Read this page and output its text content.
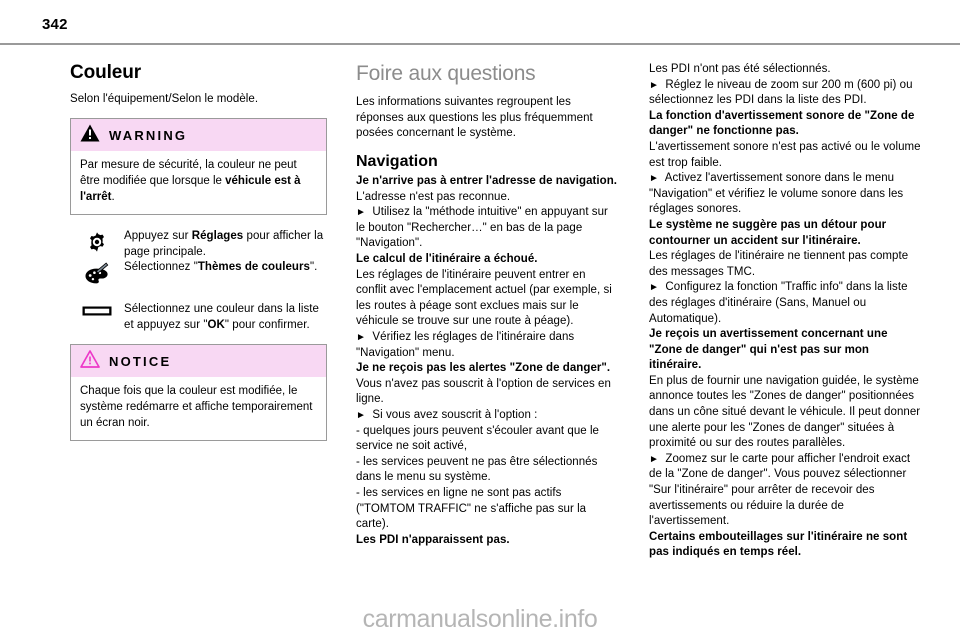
342
Couleur

Selon l'équipement/Selon le modèle.

WARNING

Par mesure de sécurité, la couleur ne peut être modifiée que lorsque le véhicule est à l'arrêt.

Appuyez sur Réglages pour afficher la page principale.

Sélectionnez "Thèmes de couleurs".

Sélectionnez une couleur dans la liste et appuyez sur "OK" pour confirmer.

NOTICE

Chaque fois que la couleur est modifiée, le système redémarre et affiche temporairement un écran noir.

Foire aux questions

Les informations suivantes regroupent les réponses aux questions les plus fréquemment posées concernant le système.

Navigation

Je n'arrive pas à entrer l'adresse de navigation.

L'adresse n'est pas reconnue.

► Utilisez la "méthode intuitive" en appuyant sur le bouton "Rechercher…" en bas de la page "Navigation".

Le calcul de l'itinéraire a échoué.

Les réglages de l'itinéraire peuvent entrer en conflit avec l'emplacement actuel (par exemple, si les routes à péage sont exclues mais sur le véhicule se trouve sur une route à péage).

► Vérifiez les réglages de l'itinéraire dans "Navigation" menu.

Je ne reçois pas les alertes "Zone de danger".

Vous n'avez pas souscrit à l'option de services en ligne.

► Si vous avez souscrit à l'option :

- quelques jours peuvent s'écouler avant que le service ne soit activé,

- les services peuvent ne pas être sélectionnés dans le menu su système.

- les services en ligne ne sont pas actifs ("TOMTOM TRAFFIC" ne s'affiche pas sur la carte).

Les PDI n'apparaissent pas.

Les PDI n'ont pas été sélectionnés.

► Réglez le niveau de zoom sur 200 m (600 pi) ou sélectionnez les PDI dans la liste des PDI.

La fonction d'avertissement sonore de "Zone de danger" ne fonctionne pas.

L'avertissement sonore n'est pas activé ou le volume est trop faible.

► Activez l'avertissement sonore dans le menu "Navigation" et vérifiez le volume sonore dans les réglages sonores.

Le système ne suggère pas un détour pour contourner un accident sur l'itinéraire.

Les réglages de l'itinéraire ne tiennent pas compte des messages TMC.

► Configurez la fonction "Traffic info" dans la liste des réglages d'itinéraire (Sans, Manuel ou Automatique).

Je reçois un avertissement concernant une "Zone de danger" qui n'est pas sur mon itinéraire.

En plus de fournir une navigation guidée, le système annonce toutes les "Zones de danger" positionnées dans un cône situé devant le véhicule. Il peut donner une alerte pour les "Zones de danger" situées à proximité ou sur des routes parallèles.

► Zoomez sur le carte pour afficher l'endroit exact de la "Zone de danger". Vous pouvez sélectionner "Sur l'itinéraire" pour arrêter de recevoir des avertissements ou réduire la durée de l'avertissement.

Certains embouteillages sur l'itinéraire ne sont pas indiqués en temps réel.

carmanualsonline.info
